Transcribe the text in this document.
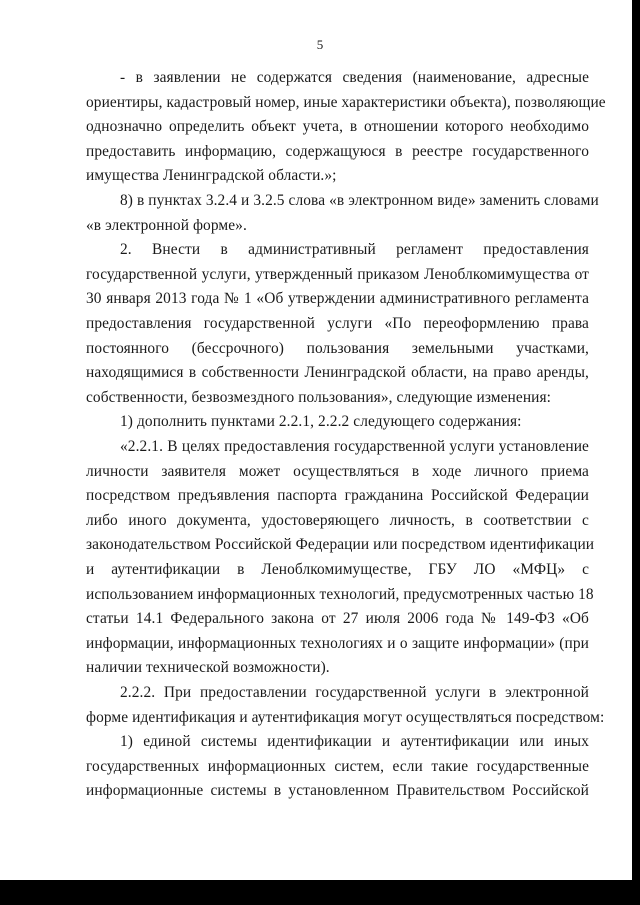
5
- в заявлении не содержатся сведения (наименование, адресные
ориентиры, кадастровый номер, иные характеристики объекта), позволяющие
однозначно определить объект учета, в отношении которого необходимо
предоставить информацию, содержащуюся в реестре государственного
имущества Ленинградской области.»;
8) в пунктах 3.2.4 и 3.2.5 слова «в электронном виде» заменить словами
«в электронной форме».
2. Внести в административный регламент предоставления
государственной услуги, утвержденный приказом Леноблкомимущества от
30 января 2013 года № 1 «Об утверждении административного регламента
предоставления государственной услуги «По переоформлению права
постоянного (бессрочного) пользования земельными участками,
находящимися в собственности Ленинградской области, на право аренды,
собственности, безвозмездного пользования», следующие изменения:
1) дополнить пунктами 2.2.1, 2.2.2 следующего содержания:
«2.2.1. В целях предоставления государственной услуги установление
личности заявителя может осуществляться в ходе личного приема
посредством предъявления паспорта гражданина Российской Федерации
либо иного документа, удостоверяющего личность, в соответствии с
законодательством Российской Федерации или посредством идентификации
и аутентификации в Леноблкомимуществе, ГБУ ЛО «МФЦ» с
использованием информационных технологий, предусмотренных частью 18
статьи 14.1 Федерального закона от 27 июля 2006 года № 149-ФЗ «Об
информации, информационных технологиях и о защите информации» (при
наличии технической возможности).
2.2.2. При предоставлении государственной услуги в электронной
форме идентификация и аутентификация могут осуществляться посредством:
1) единой системы идентификации и аутентификации или иных
государственных информационных систем, если такие государственные
информационные системы в установленном Правительством Российской
